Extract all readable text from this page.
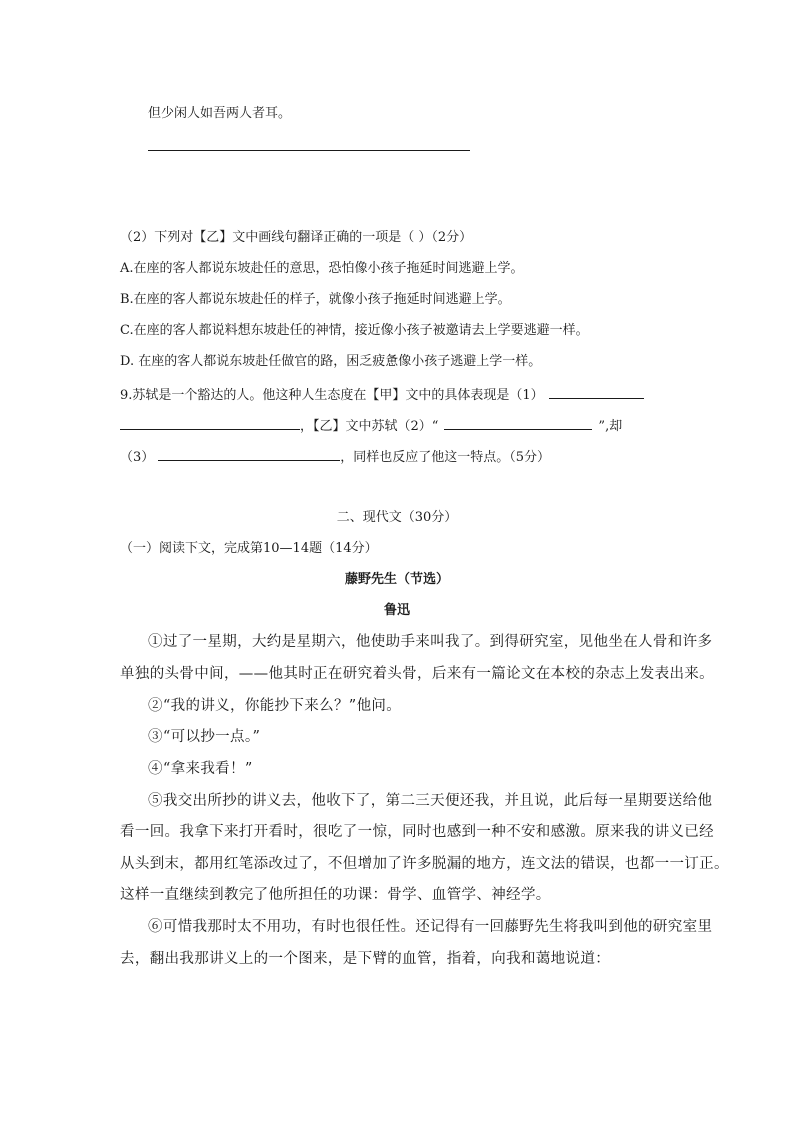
但少闲人如吾两人者耳。
（2）下列对【乙】文中画线句翻译正确的一项是（ ）（2分）
A.在座的客人都说东坡赴任的意思，恐怕像小孩子拖延时间逃避上学。
B.在座的客人都说东坡赴任的样子，就像小孩子拖延时间逃避上学。
C.在座的客人都说料想东坡赴任的神情，接近像小孩子被邀请去上学要逃避一样。
D. 在座的客人都说东坡赴任做官的路，困乏疲惫像小孩子逃避上学一样。
9.苏轼是一个豁达的人。他这种人生态度在【甲】文中的具体表现是（1）
，【乙】文中苏轼（2）“	”,却
（3）	，同样也反应了他这一特点。（5分）
二、现代文（30分）
（一）阅读下文，完成第10—14题（14分）
藤野先生（节选）
鲁迅
①过了一星期，大约是星期六，他使助手来叫我了。到得研究室，见他坐在人骨和许多
单独的头骨中间，——他其时正在研究着头骨，后来有一篇论文在本校的杂志上发表出来。
②“我的讲义，你能抄下来么？”他问。
③“可以抄一点。”
④“拿来我看！”
⑤我交出所抄的讲义去，他收下了，第二三天便还我，并且说，此后每一星期要送给他
看一回。我拿下来打开看时，很吃了一惊，同时也感到一种不安和感激。原来我的讲义已经
从头到末，都用红笔添改过了，不但增加了许多脱漏的地方，连文法的错误，也都一一订正。
这样一直继续到教完了他所担任的功课：骨学、血管学、神经学。
⑥可惜我那时太不用功，有时也很任性。还记得有一回藤野先生将我叫到他的研究室里
去，翻出我那讲义上的一个图来，是下臂的血管，指着，向我和蔼地说道：
